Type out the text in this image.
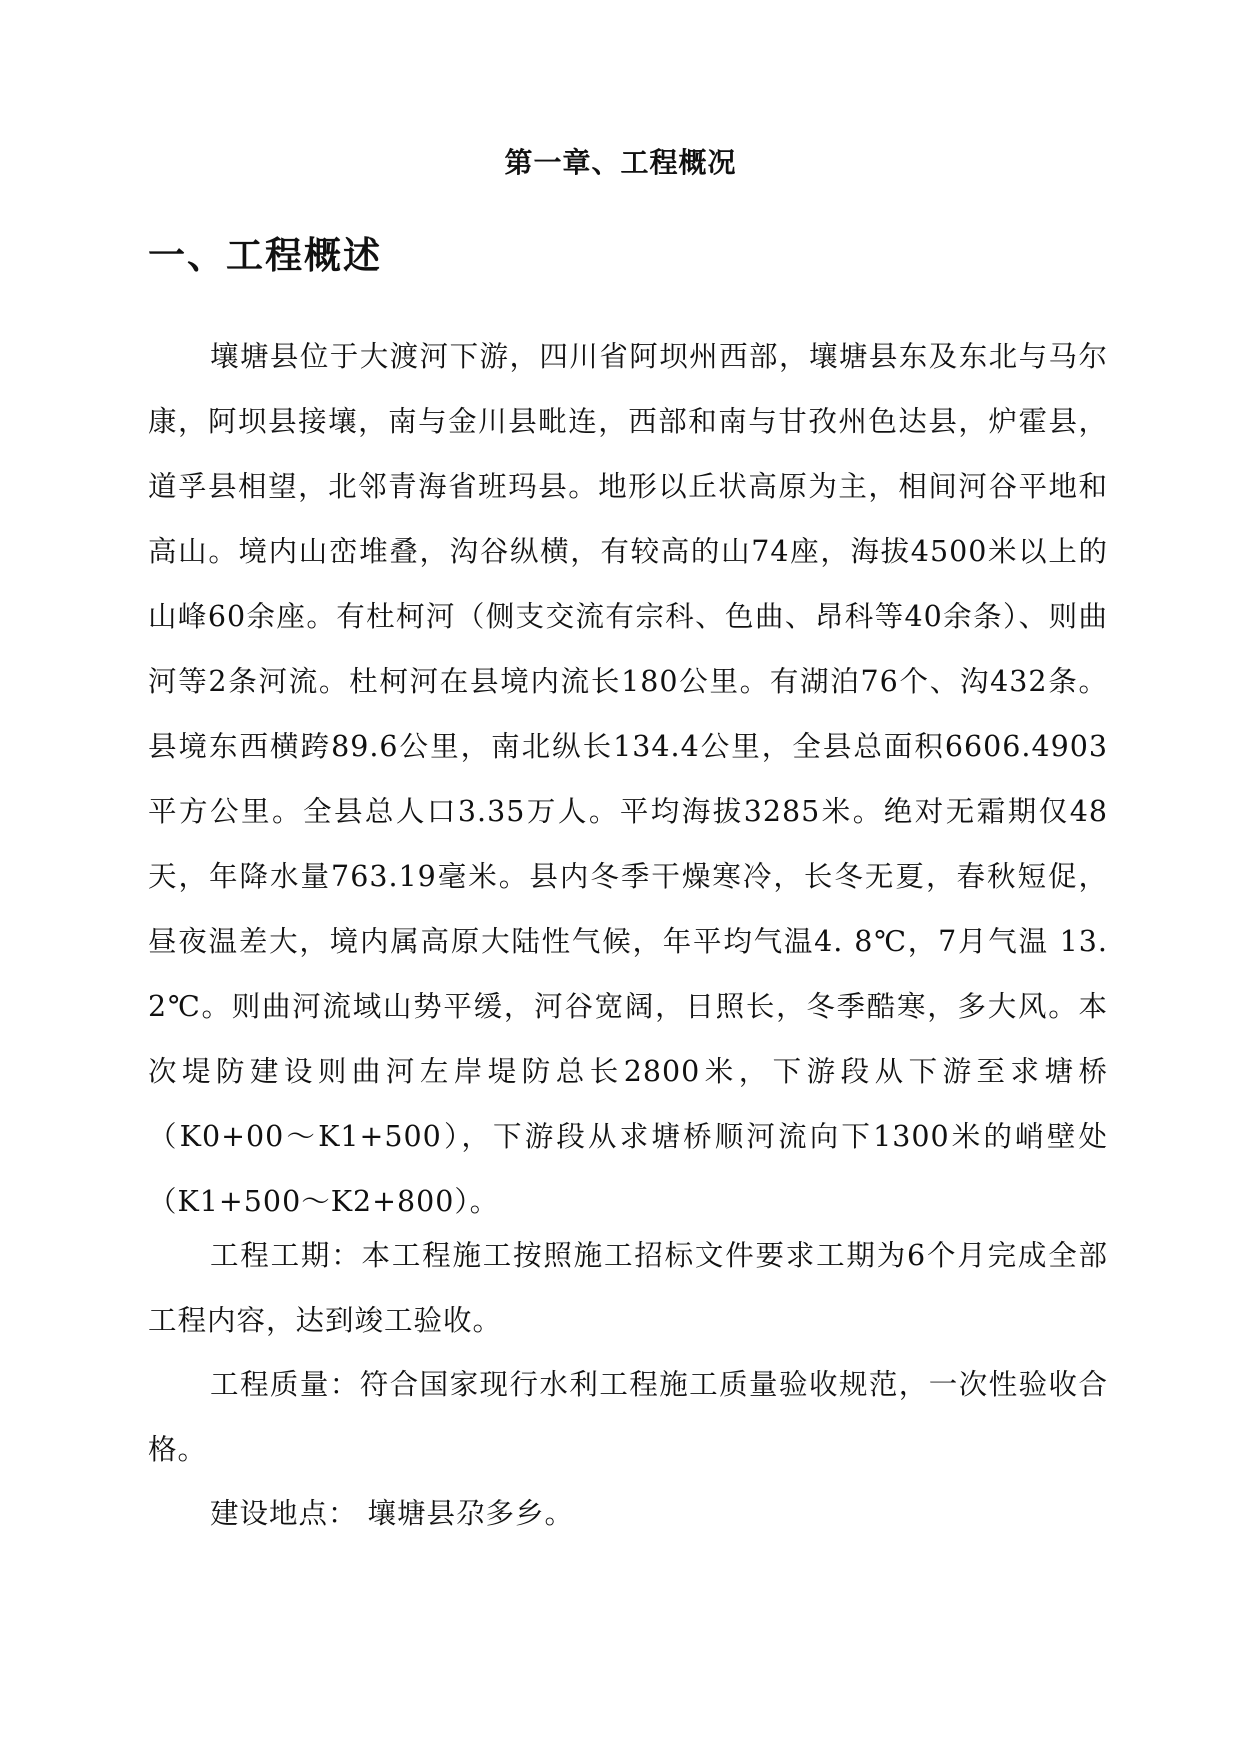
第一章、工程概况
一、工程概述
壤塘县位于大渡河下游，四川省阿坝州西部，壤塘县东及东北与马尔康，阿坝县接壤，南与金川县毗连，西部和南与甘孜州色达县，炉霍县，道孚县相望，北邻青海省班玛县。地形以丘状高原为主，相间河谷平地和高山。境内山峦堆叠，沟谷纵横，有较高的山74座，海拔4500米以上的山峰60余座。有杜柯河（侧支交流有宗科、色曲、昂科等40余条）、则曲河等2条河流。杜柯河在县境内流长180公里。有湖泊76个、沟432条。县境东西横跨89.6公里，南北纵长134.4公里，全县总面积6606.4903平方公里。全县总人口3.35万人。平均海拔3285米。绝对无霜期仅48天，年降水量763.19毫米。县内冬季干燥寒冷，长冬无夏，春秋短促，昼夜温差大，境内属高原大陆性气候，年平均气温4. 8℃，7月气温 13. 2℃。则曲河流域山势平缓，河谷宽阔，日照长，冬季酷寒，多大风。本次堤防建设则曲河左岸堤防总长2800米，下游段从下游至求塘桥（K0+00～K1+500），下游段从求塘桥顺河流向下1300米的峭壁处（K1+500～K2+800）。
工程工期：本工程施工按照施工招标文件要求工期为6个月完成全部工程内容，达到竣工验收。
工程质量：符合国家现行水利工程施工质量验收规范，一次性验收合格。
建设地点： 壤塘县尕多乡。
